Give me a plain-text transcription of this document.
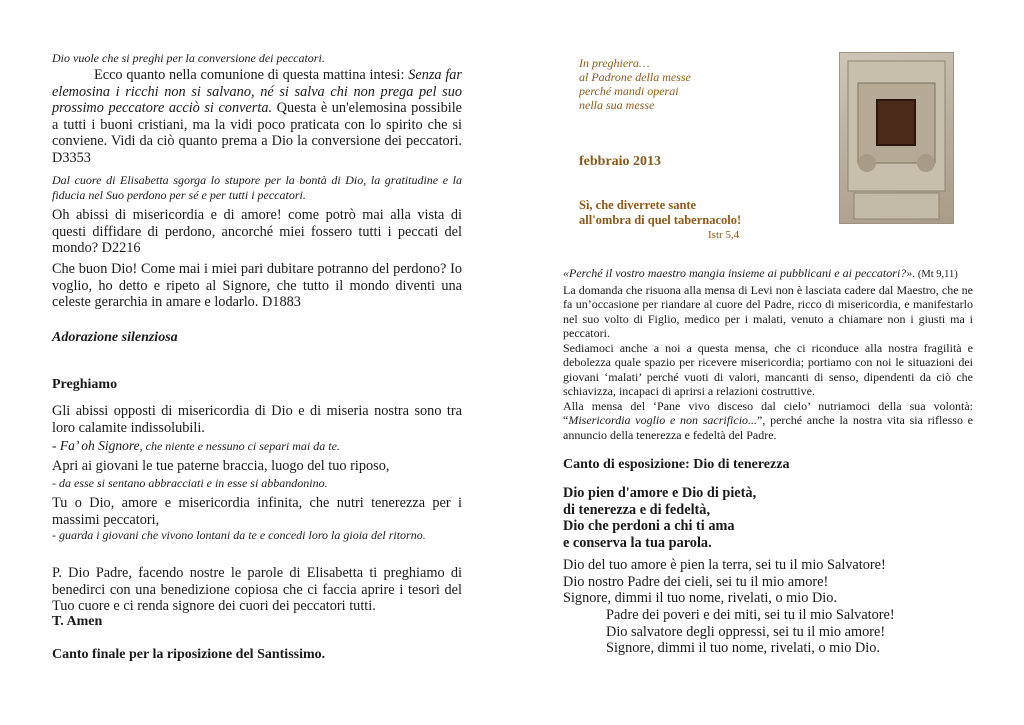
Dio vuole che si preghi per la conversione dei peccatori.
Ecco quanto nella comunione di questa mattina intesi: Senza far elemosina i ricchi non si salvano, né si salva chi non prega pel suo prossimo peccatore acciò si converta. Questa è un'elemosina possibile a tutti i buoni cristiani, ma la vidi poco praticata con lo spirito che si conviene. Vidi da ciò quanto prema a Dio la conversione dei peccatori. D3353
Dal cuore di Elisabetta sgorga lo stupore per la bontà di Dio, la gratitudine e la fiducia nel Suo perdono per sé e per tutti i peccatori.
Oh abissi di misericordia e di amore! come potrò mai alla vista di questi diffidare di perdono, ancorché miei fossero tutti i peccati del mondo? D2216
Che buon Dio! Come mai i miei pari dubitare potranno del perdono? Io voglio, ho detto e ripeto al Signore, che tutto il mondo diventi una celeste gerarchia in amare e lodarlo. D1883
Adorazione silenziosa
Preghiamo
Gli abissi opposti di misericordia di Dio e di miseria nostra sono tra loro calamite indissolubili.
- Fa’ oh Signore, che niente e nessuno ci separi mai da te.
Apri ai giovani le tue paterne braccia, luogo del tuo riposo,
- da esse si sentano abbracciati e in esse si abbandonino.
Tu o Dio, amore e misericordia infinita, che nutri tenerezza per i massimi peccatori,
- guarda i giovani che vivono lontani da te e concedi loro la gioia del ritorno.
P. Dio Padre, facendo nostre le parole di Elisabetta ti preghiamo di benedirci con una benedizione copiosa che ci faccia aprire i tesori del Tuo cuore e ci renda signore dei cuori dei peccatori tutti.
T. Amen
Canto finale per la riposizione del Santissimo.
In preghiera…
al Padrone della messe
perché mandi operai
nella sua messe
febbraio 2013
Sì, che diverrete sante
all'ombra di quel tabernacolo!
Istr 5,4
«Perché il vostro maestro mangia insieme ai pubblicani e ai peccatori?». (Mt 9,11)
La domanda che risuona alla mensa di Levi non è lasciata cadere dal Maestro, che ne fa un’occasione per riandare al cuore del Padre, ricco di misericordia, e manifestarlo nel suo volto di Figlio, medico per i malati, venuto a chiamare non i giusti ma i peccatori.
Sediamoci anche a noi a questa mensa, che ci riconduce alla nostra fragilità e debolezza quale spazio per ricevere misericordia; portiamo con noi le situazioni dei giovani ‘malati’ perché vuoti di valori, mancanti di senso, dipendenti da ciò che schiavizza, incapaci di aprirsi a relazioni costruttive.
Alla mensa del ‘Pane vivo disceso dal cielo’ nutriamoci della sua volontà: “Misericordia voglio e non sacrificio...”, perché anche la nostra vita sia riflesso e annuncio della tenerezza e fedeltà del Padre.
Canto di esposizione: Dio di tenerezza
Dio pien d'amore e Dio di pietà,
di tenerezza e di fedeltà,
Dio che perdoni a chi ti ama
e conserva la tua parola.
Dio del tuo amore è pien la terra, sei tu il mio Salvatore!
Dio nostro Padre dei cieli, sei tu il mio amore!
Signore, dimmi il tuo nome, rivelati, o mio Dio.
Padre dei poveri e dei miti, sei tu il mio Salvatore!
Dio salvatore degli oppressi, sei tu il mio amore!
Signore, dimmi il tuo nome, rivelati, o mio Dio.
